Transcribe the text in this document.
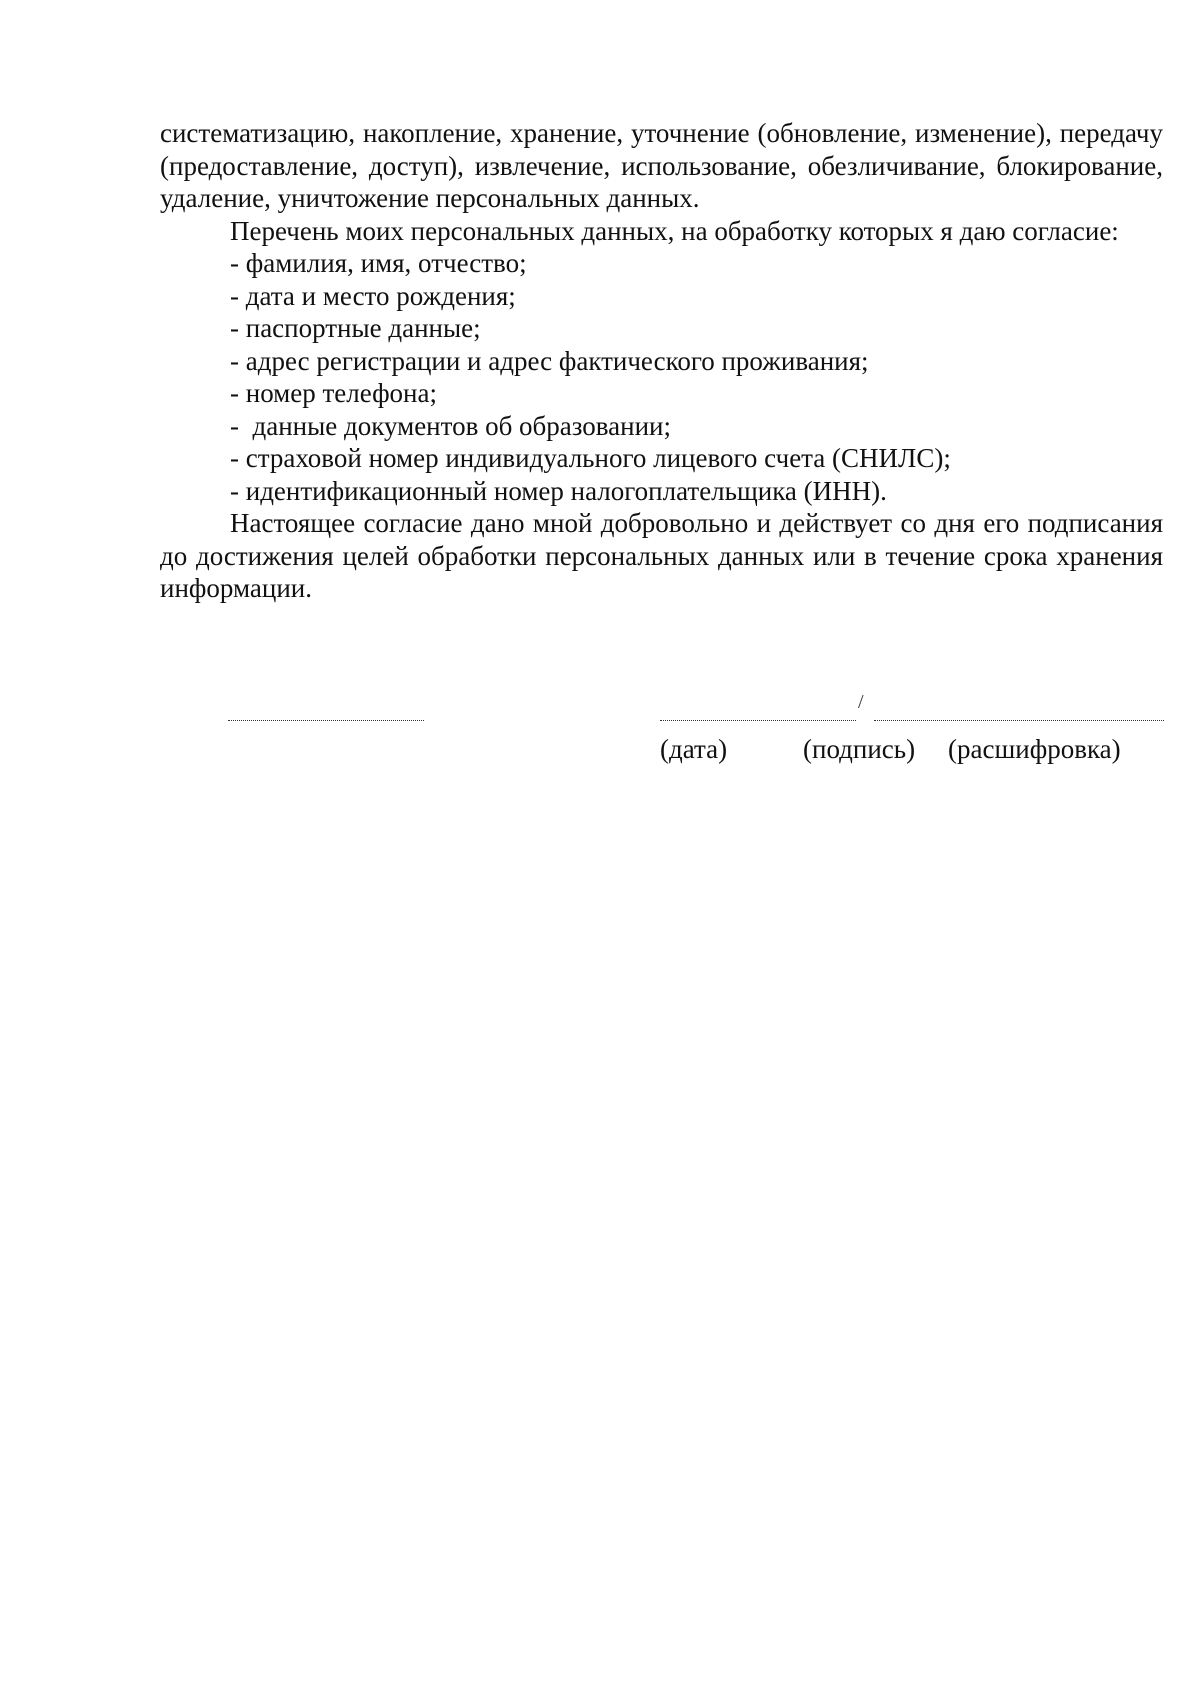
систематизацию, накопление, хранение, уточнение (обновление, изменение), передачу (предоставление, доступ), извлечение, использование, обезличивание, блокирование, удаление, уничтожение персональных данных.

Перечень моих персональных данных, на обработку которых я даю согласие:

- фамилия, имя, отчество;

- дата и место рождения;

- паспортные данные;

- адрес регистрации и адрес фактического проживания;

- номер телефона;

-  данные документов об образовании;

- страховой номер индивидуального лицевого счета (СНИЛС);

- идентификационный номер налогоплательщика (ИНН).

Настоящее согласие дано мной добровольно и действует со дня его подписания до достижения целей обработки персональных данных или в течение срока хранения информации.

/
(дата)	(подпись) (расшифровка)
